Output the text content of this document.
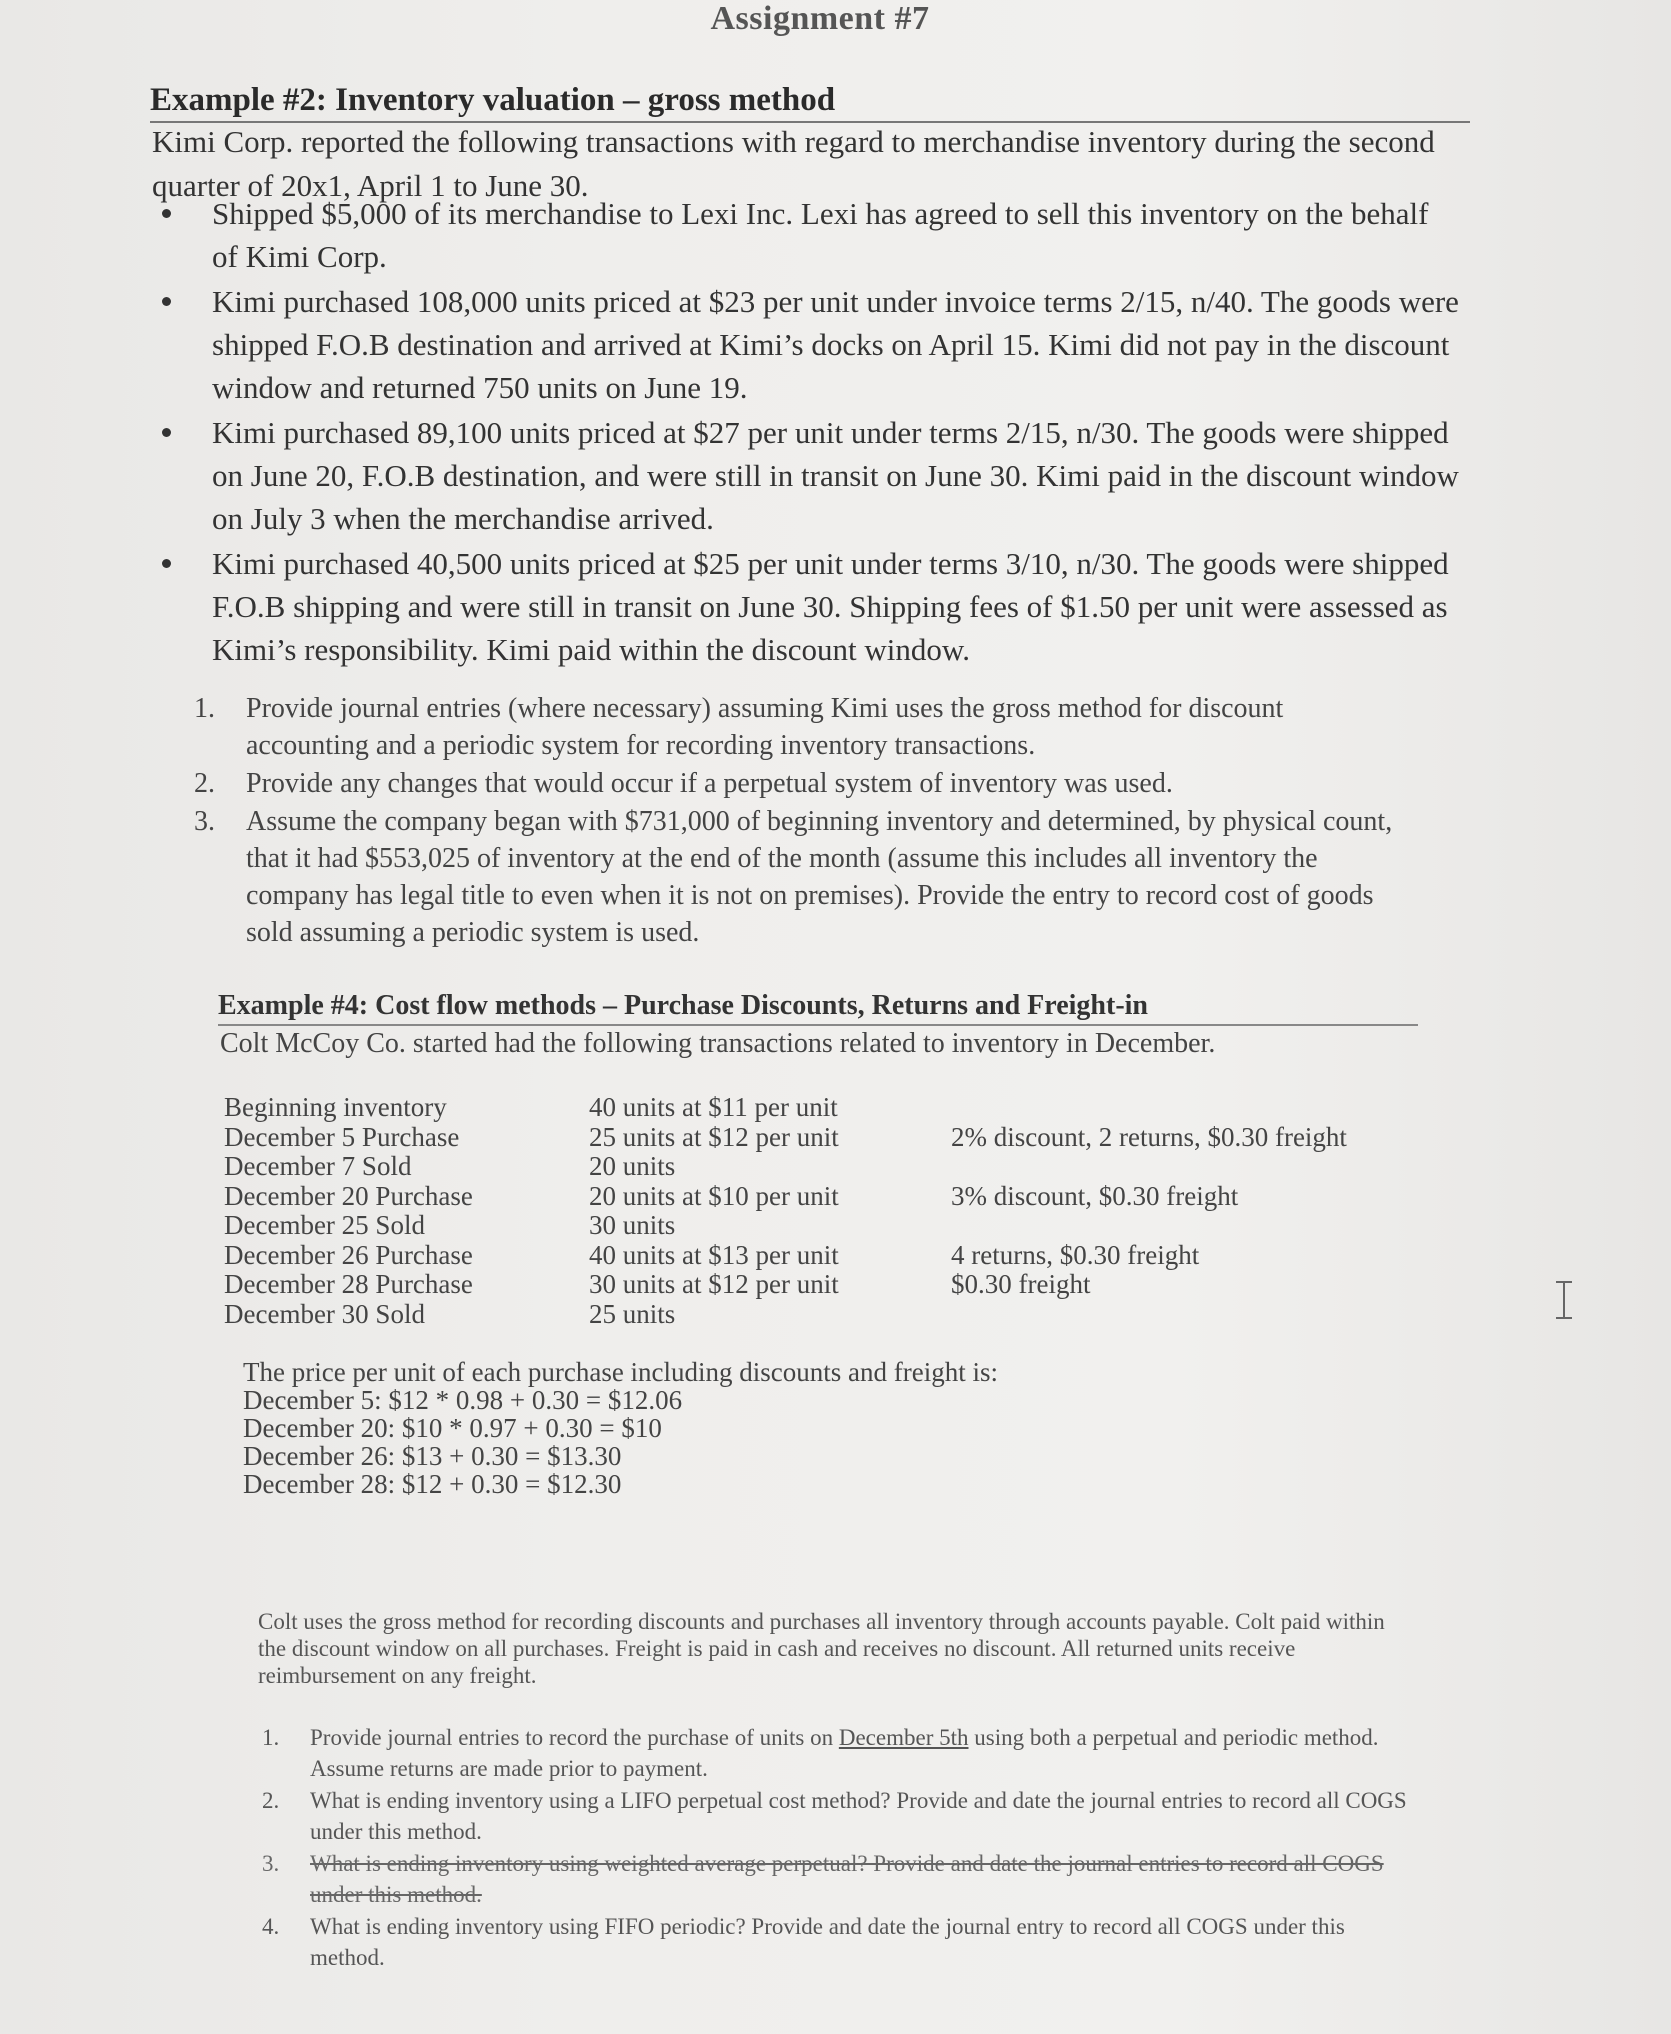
Assignment #7
Example #2: Inventory valuation – gross method
Kimi Corp. reported the following transactions with regard to merchandise inventory during the second quarter of 20x1, April 1 to June 30.
Shipped $5,000 of its merchandise to Lexi Inc. Lexi has agreed to sell this inventory on the behalf of Kimi Corp.
Kimi purchased 108,000 units priced at $23 per unit under invoice terms 2/15, n/40. The goods were shipped F.O.B destination and arrived at Kimi’s docks on April 15. Kimi did not pay in the discount window and returned 750 units on June 19.
Kimi purchased 89,100 units priced at $27 per unit under terms 2/15, n/30. The goods were shipped on June 20, F.O.B destination, and were still in transit on June 30. Kimi paid in the discount window on July 3 when the merchandise arrived.
Kimi purchased 40,500 units priced at $25 per unit under terms 3/10, n/30. The goods were shipped F.O.B shipping and were still in transit on June 30. Shipping fees of $1.50 per unit were assessed as Kimi’s responsibility. Kimi paid within the discount window.
1. Provide journal entries (where necessary) assuming Kimi uses the gross method for discount accounting and a periodic system for recording inventory transactions.
2. Provide any changes that would occur if a perpetual system of inventory was used.
3. Assume the company began with $731,000 of beginning inventory and determined, by physical count, that it had $553,025 of inventory at the end of the month (assume this includes all inventory the company has legal title to even when it is not on premises). Provide the entry to record cost of goods sold assuming a periodic system is used.
Example #4: Cost flow methods – Purchase Discounts, Returns and Freight-in
Colt McCoy Co. started had the following transactions related to inventory in December.
Beginning inventory	40 units at $11 per unit	
December 5 Purchase	25 units at $12 per unit	2% discount, 2 returns, $0.30 freight
December 7 Sold	20 units	
December 20 Purchase	20 units at $10 per unit	3% discount, $0.30 freight
December 25 Sold	30 units	
December 26 Purchase	40 units at $13 per unit	4 returns, $0.30 freight
December 28 Purchase	30 units at $12 per unit	$0.30 freight
December 30 Sold	25 units	
The price per unit of each purchase including discounts and freight is:
December 5: $12 * 0.98 + 0.30 = $12.06
December 20: $10 * 0.97 + 0.30 = $10
December 26: $13 + 0.30 = $13.30
December 28: $12 + 0.30 = $12.30
Colt uses the gross method for recording discounts and purchases all inventory through accounts payable. Colt paid within the discount window on all purchases. Freight is paid in cash and receives no discount. All returned units receive reimbursement on any freight.
1. Provide journal entries to record the purchase of units on December 5th using both a perpetual and periodic method. Assume returns are made prior to payment.
2. What is ending inventory using a LIFO perpetual cost method? Provide and date the journal entries to record all COGS under this method.
3. What is ending inventory using weighted average perpetual? Provide and date the journal entries to record all COGS under this method.
4. What is ending inventory using FIFO periodic? Provide and date the journal entry to record all COGS under this method.
